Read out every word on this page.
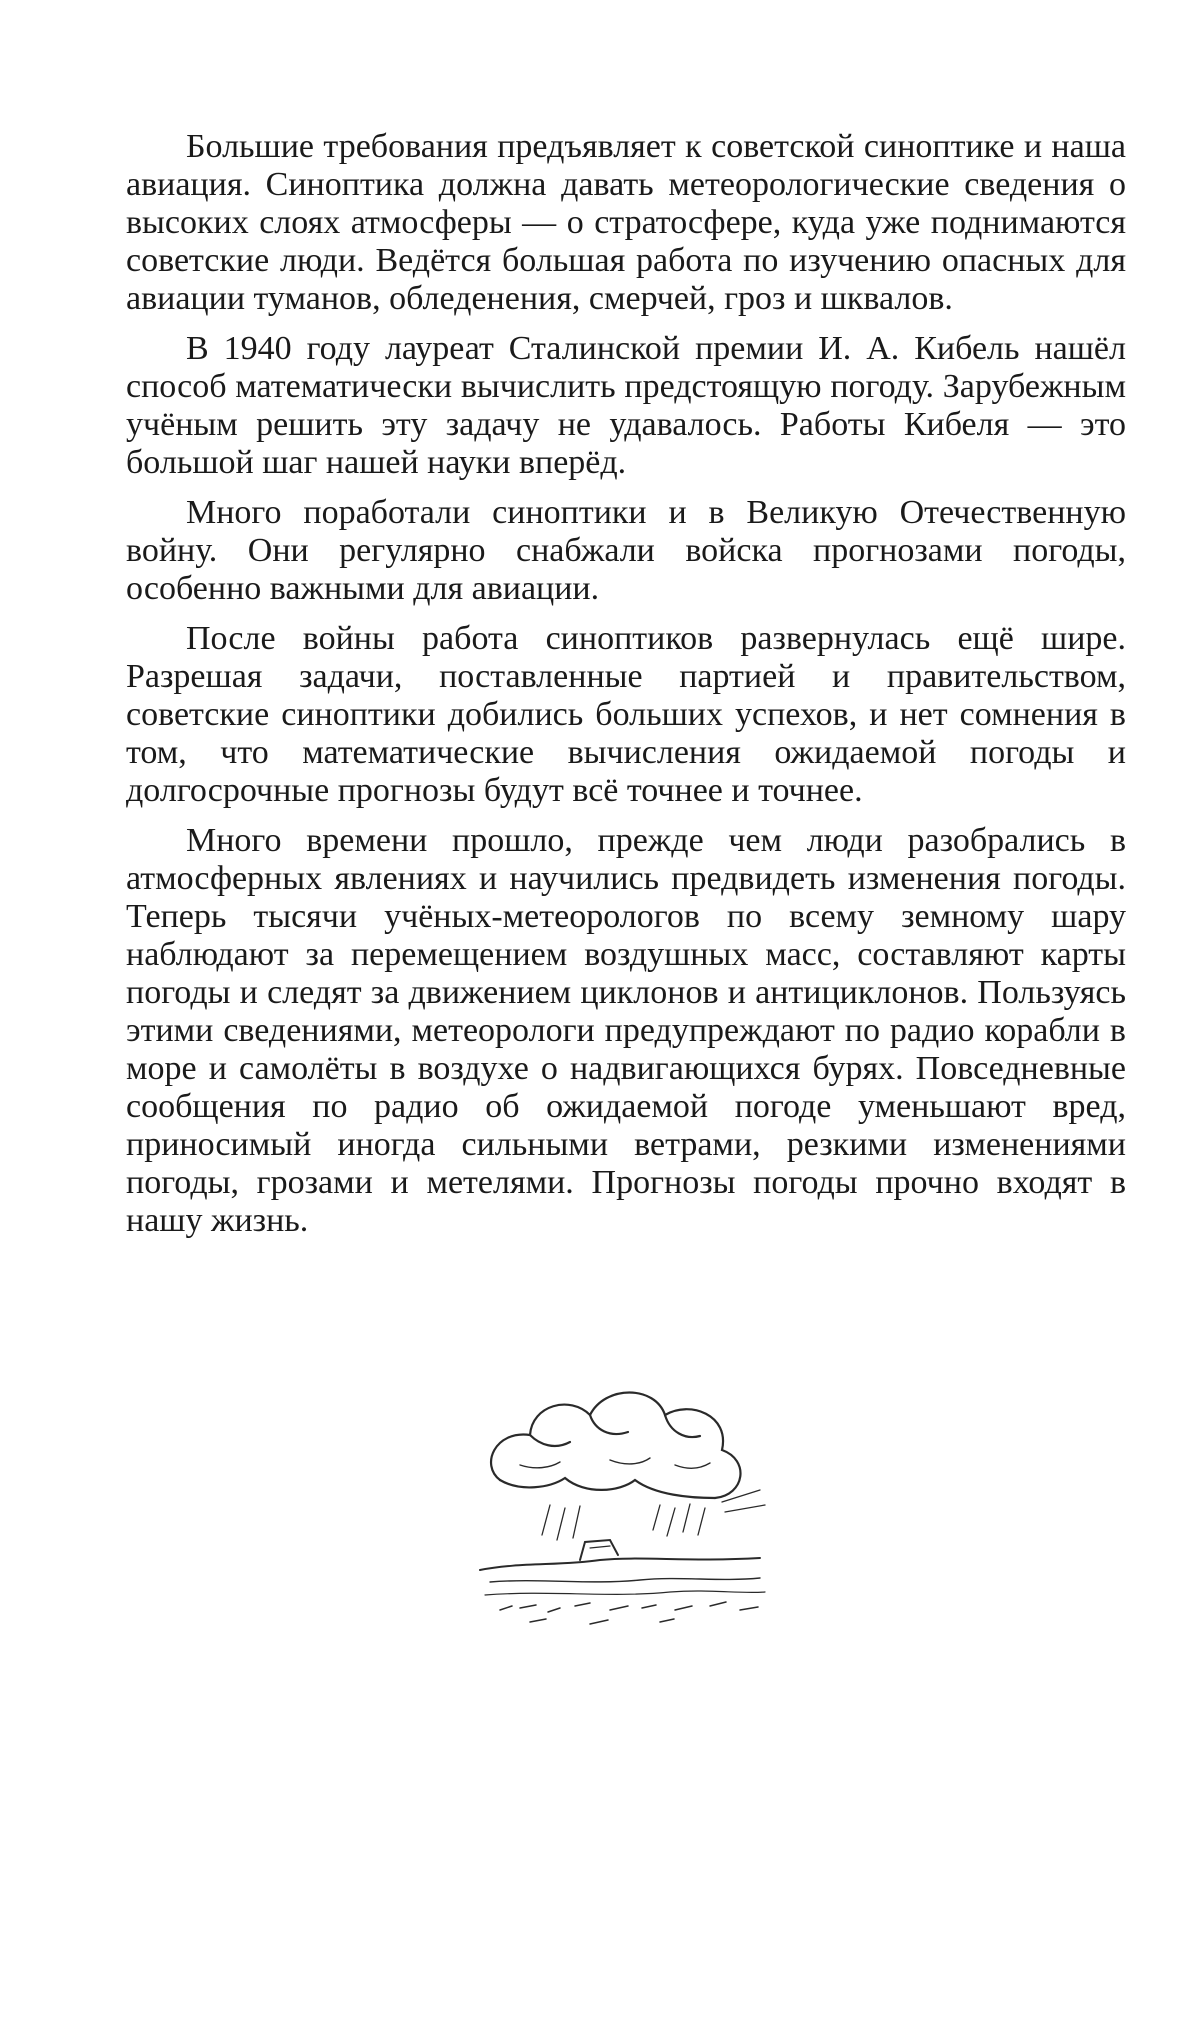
Большие требования предъявляет к советской синоптике и наша авиация. Синоптика должна давать метеорологические сведения о высоких слоях атмосферы — о стратосфере, куда уже поднимаются советские люди. Ведётся большая работа по изучению опасных для авиации туманов, обледенения, смерчей, гроз и шквалов.

В 1940 году лауреат Сталинской премии И. А. Кибель нашёл способ математически вычислить предстоящую погоду. Зарубежным учёным решить эту задачу не удавалось. Работы Кибеля — это большой шаг нашей науки вперёд.

Много поработали синоптики и в Великую Отечественную войну. Они регулярно снабжали войска прогнозами погоды, особенно важными для авиации.

После войны работа синоптиков развернулась ещё шире. Разрешая задачи, поставленные партией и правительством, советские синоптики добились больших успехов, и нет сомнения в том, что математические вычисления ожидаемой погоды и долгосрочные прогнозы будут всё точнее и точнее.

Много времени прошло, прежде чем люди разобрались в атмосферных явлениях и научились предвидеть изменения погоды. Теперь тысячи учёных-метеорологов по всему земному шару наблюдают за перемещением воздушных масс, составляют карты погоды и следят за движением циклонов и антициклонов. Пользуясь этими сведениями, метеорологи предупреждают по радио корабли в море и самолёты в воздухе о надвигающихся бурях. Повседневные сообщения по радио об ожидаемой погоде уменьшают вред, приносимый иногда сильными ветрами, резкими изменениями погоды, грозами и метелями. Прогнозы погоды прочно входят в нашу жизнь.
